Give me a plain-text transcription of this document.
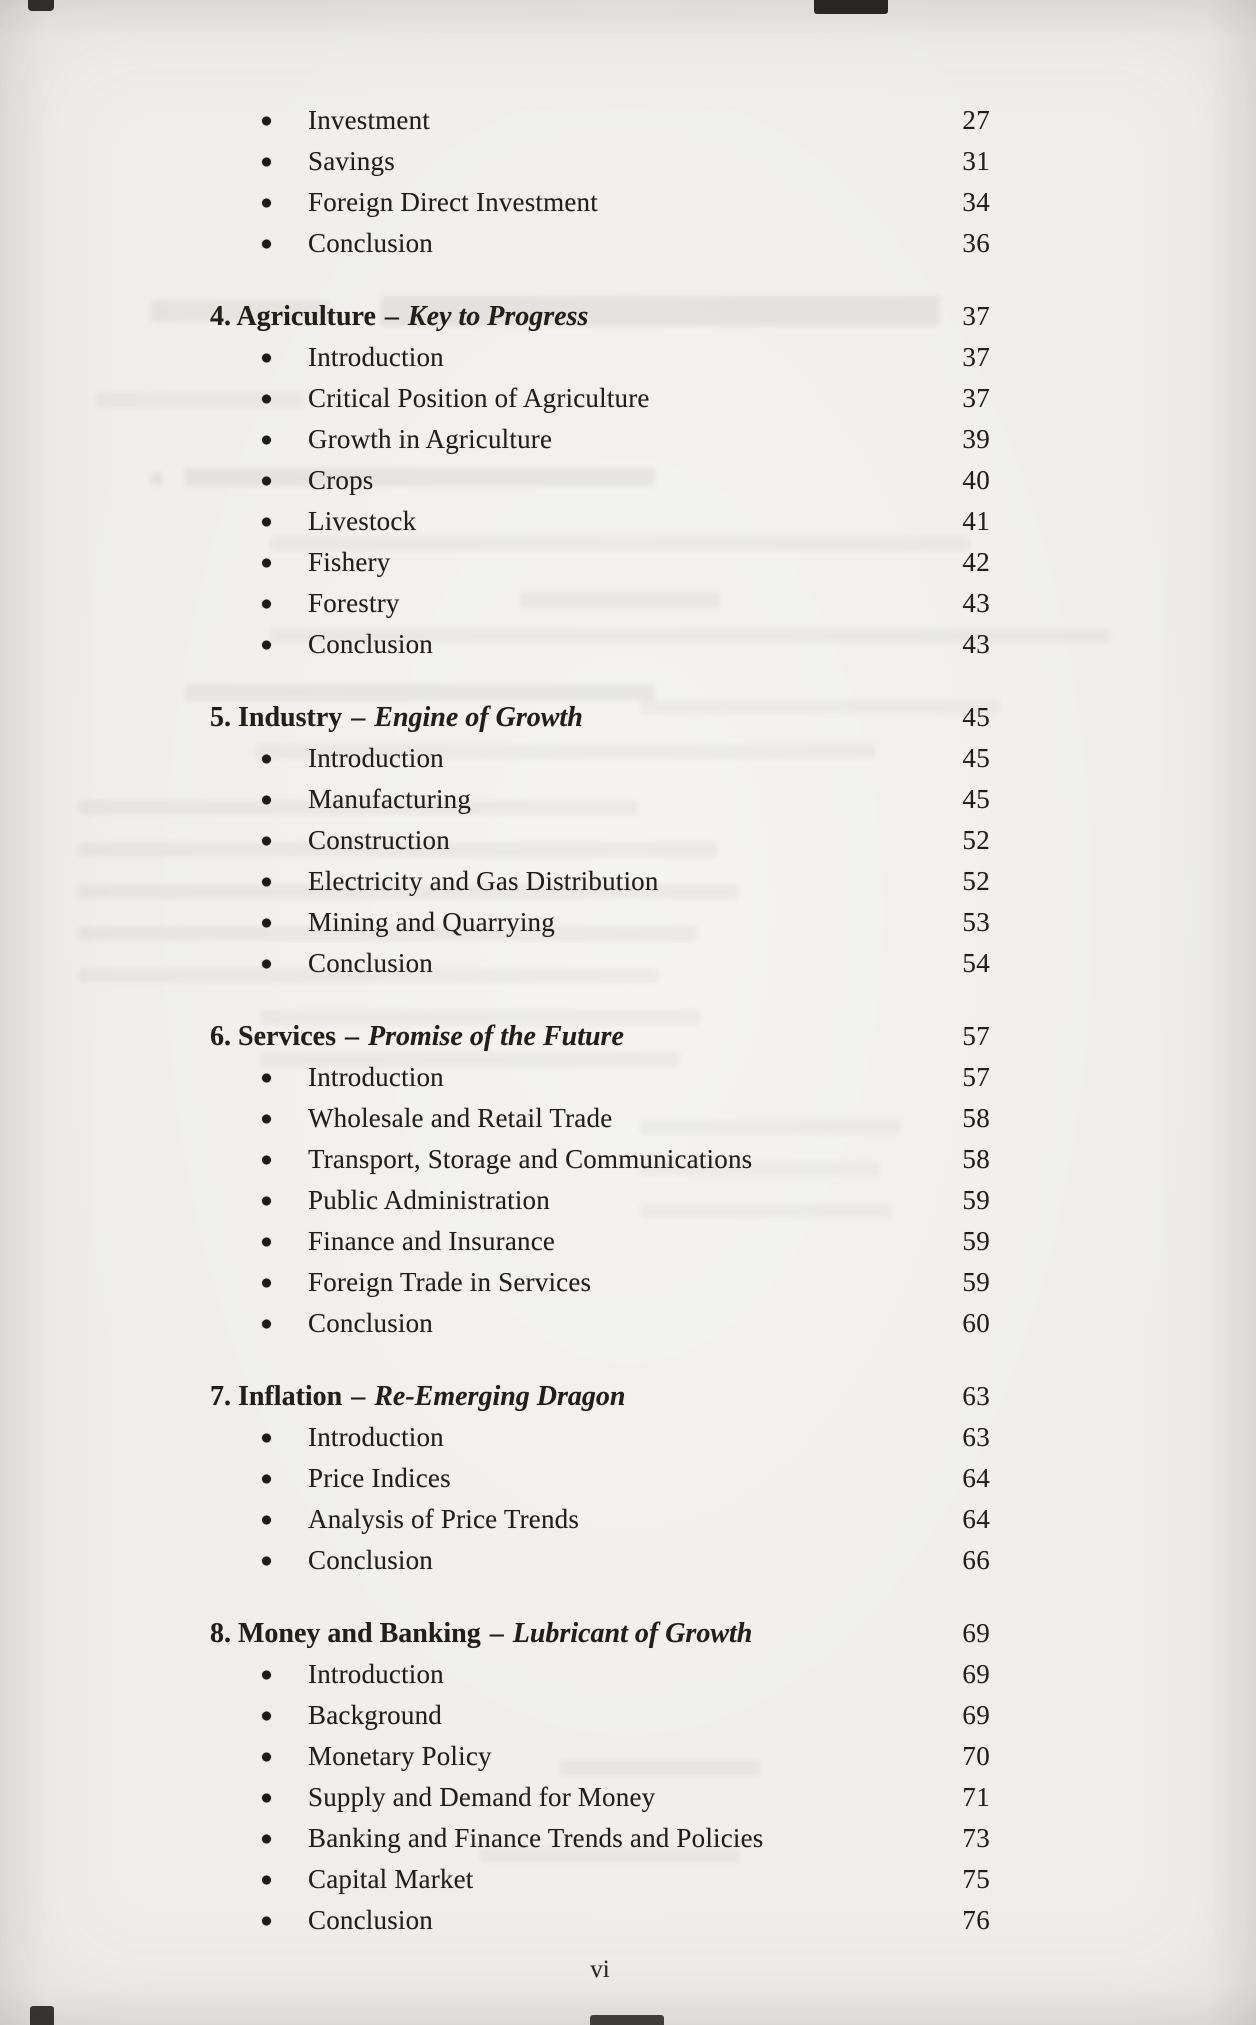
Investment	27
Savings	31
Foreign Direct Investment	34
Conclusion	36
4. Agriculture – Key to Progress	37
Introduction	37
Critical Position of Agriculture	37
Growth in Agriculture	39
Crops	40
Livestock	41
Fishery	42
Forestry	43
Conclusion	43
5. Industry – Engine of Growth	45
Introduction	45
Manufacturing	45
Construction	52
Electricity and Gas Distribution	52
Mining and Quarrying	53
Conclusion	54
6. Services – Promise of the Future	57
Introduction	57
Wholesale and Retail Trade	58
Transport, Storage and Communications	58
Public Administration	59
Finance and Insurance	59
Foreign Trade in Services	59
Conclusion	60
7. Inflation – Re-Emerging Dragon	63
Introduction	63
Price Indices	64
Analysis of Price Trends	64
Conclusion	66
8. Money and Banking – Lubricant of Growth	69
Introduction	69
Background	69
Monetary Policy	70
Supply and Demand for Money	71
Banking and Finance Trends and Policies	73
Capital Market	75
Conclusion	76
vi
